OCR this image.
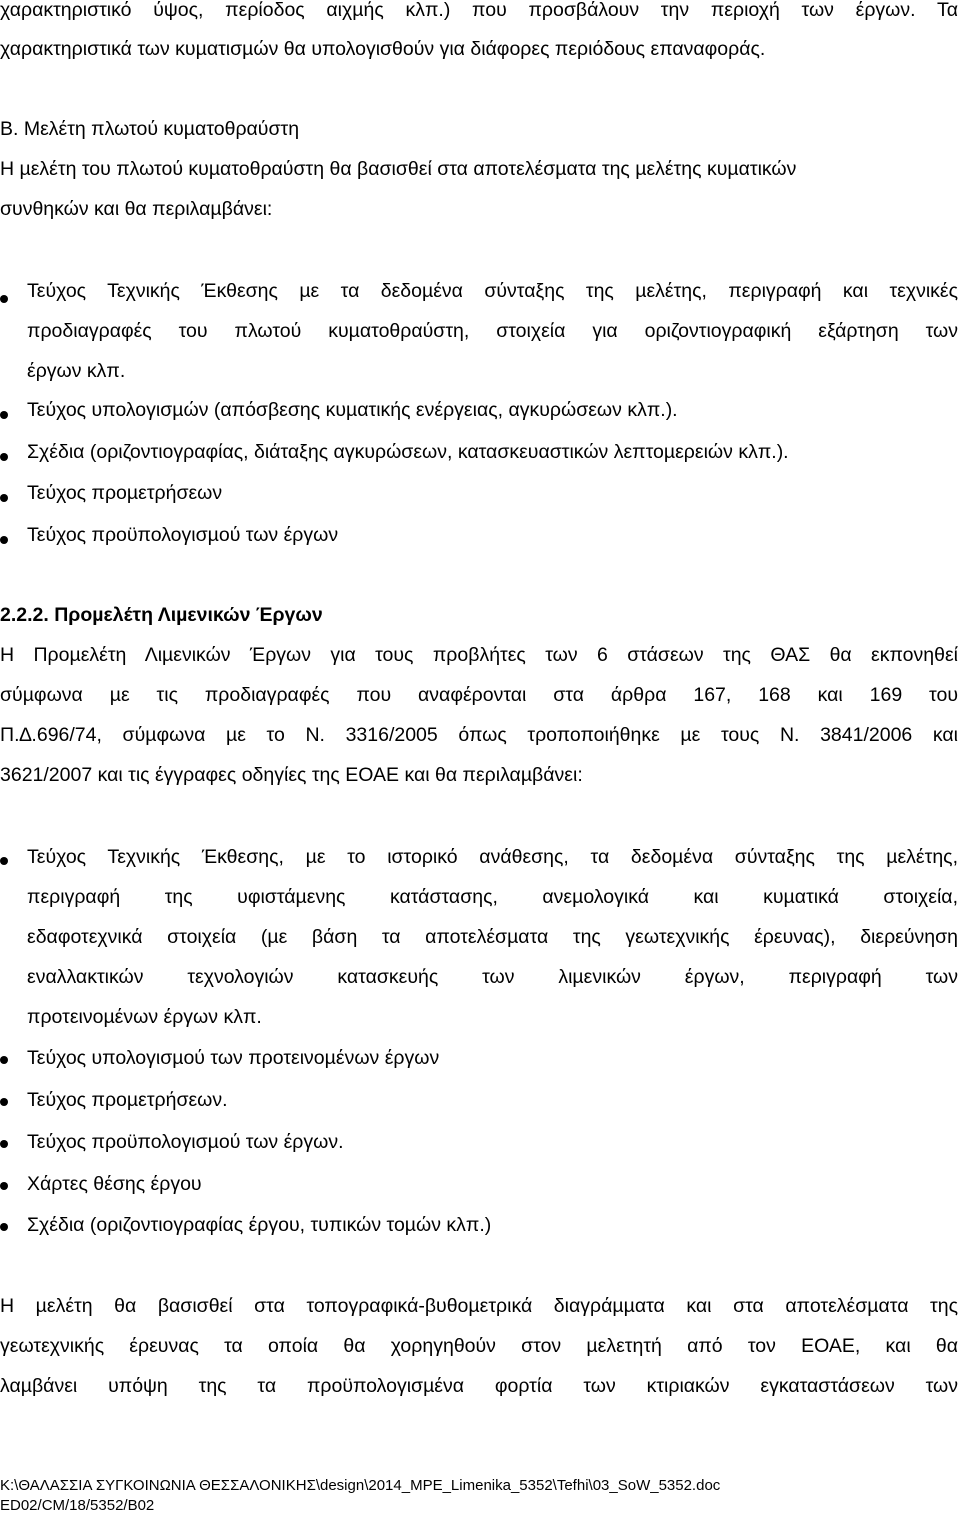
χαρακτηριστικό ύψος, περίοδος αιχµής κλπ.) που προσβάλουν την περιοχή των έργων. Τα
χαρακτηριστικά των κυµατισµών θα υπολογισθούν για διάφορες περιόδους επαναφοράς.
Β. Μελέτη πλωτού κυµατοθραύστη
Η µελέτη του πλωτού κυµατοθραύστη θα βασισθεί στα αποτελέσµατα της µελέτης κυµατικών
συνθηκών και θα περιλαµβάνει:
Τεύχος Τεχνικής Έκθεσης µε τα δεδοµένα σύνταξης της µελέτης, περιγραφή και τεχνικές
προδιαγραφές του πλωτού κυµατοθραύστη, στοιχεία για οριζοντιογραφική εξάρτηση των
έργων κλπ.
Τεύχος υπολογισµών (απόσβεσης κυµατικής ενέργειας, αγκυρώσεων κλπ.).
Σχέδια (οριζοντιογραφίας, διάταξης αγκυρώσεων, κατασκευαστικών λεπτοµερειών κλπ.).
Τεύχος προµετρήσεων
Τεύχος προϋπολογισµού των έργων
2.2.2. Προµελέτη Λιµενικών Έργων
Η Προµελέτη Λιµενικών Έργων για τους προβλήτες των 6 στάσεων της ΘΑΣ θα εκπονηθεί
σύµφωνα µε τις προδιαγραφές που αναφέρονται στα άρθρα 167, 168 και 169 του
Π.∆.696/74, σύµφωνα µε το Ν. 3316/2005 όπως τροποποιήθηκε µε τους Ν. 3841/2006 και
3621/2007 και τις έγγραφες οδηγίες της ΕΟΑΕ και θα περιλαµβάνει:
Τεύχος Τεχνικής Έκθεσης, µε το ιστορικό ανάθεσης, τα δεδοµένα σύνταξης της µελέτης,
περιγραφή της υφιστάµενης κατάστασης, ανεµολογικά και κυµατικά στοιχεία,
εδαφοτεχνικά στοιχεία (µε βάση τα αποτελέσµατα της γεωτεχνικής έρευνας), διερεύνηση
εναλλακτικών τεχνολογιών κατασκευής των λιµενικών έργων, περιγραφή των
προτεινοµένων έργων κλπ.
Τεύχος υπολογισµού των προτεινοµένων έργων
Τεύχος προµετρήσεων.
Τεύχος προϋπολογισµού των έργων.
Χάρτες θέσης έργου
Σχέδια (οριζοντιογραφίας έργου, τυπικών τοµών κλπ.)
Η µελέτη θα βασισθεί στα τοπογραφικά-βυθοµετρικά διαγράµµατα και στα αποτελέσµατα της
γεωτεχνικής έρευνας τα οποία θα χορηγηθούν στον µελετητή από τον ΕΟΑΕ, και θα
λαµβάνει υπόψη της τα προϋπολογισµένα φορτία των κτιριακών εγκαταστάσεων των
K:\ΘΑΛΑΣΣΙΑ ΣΥΓΚΟΙΝΩΝΙΑ ΘΕΣΣΑΛΟΝΙΚΗΣ\design\2014_MPE_Limenika_5352\Tefhi\03_SoW_5352.doc
ED02/CM/18/5352/B02
